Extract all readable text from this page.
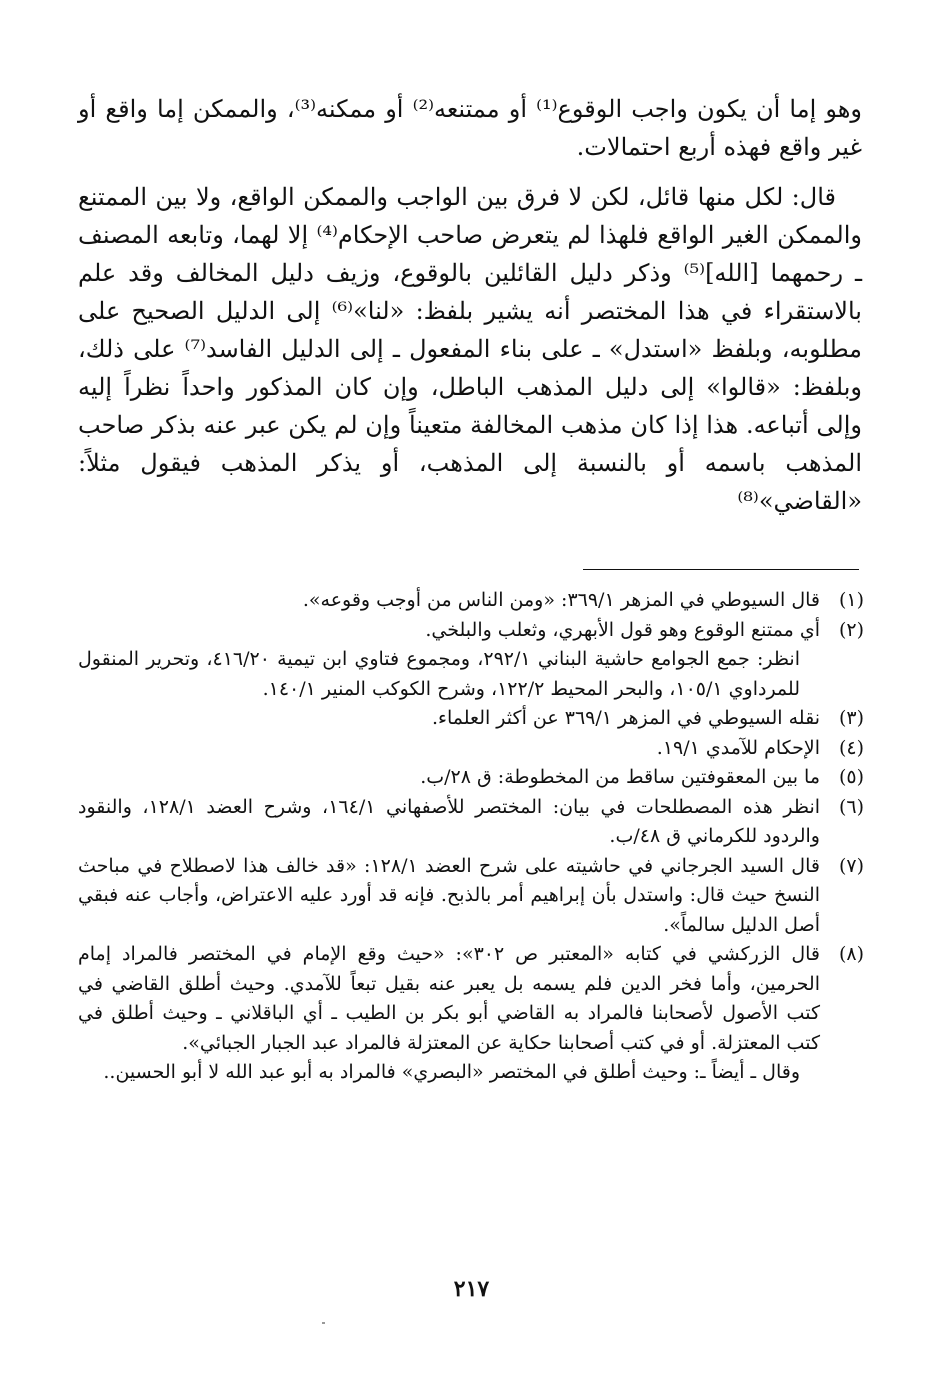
وهو إما أن يكون واجب الوقوع⁽¹⁾ أو ممتنعه⁽²⁾ أو ممكنه⁽³⁾، والممكن إما واقع أو غير واقع فهذه أربع احتمالات.

قال: لكل منها قائل، لكن لا فرق بين الواجب والممكن الواقع، ولا بين الممتنع والممكن الغير الواقع فلهذا لم يتعرض صاحب الإحكام⁽⁴⁾ إلا لهما، وتابعه المصنف ـ رحمهما [الله]⁽⁵⁾ وذكر دليل القائلين بالوقوع، وزيف دليل المخالف وقد علم بالاستقراء في هذا المختصر أنه يشير بلفظ: «لنا»⁽⁶⁾ إلى الدليل الصحيح على مطلوبه، وبلفظ «استدل» ـ على بناء المفعول ـ إلى الدليل الفاسد⁽⁷⁾ على ذلك، وبلفظ: «قالوا» إلى دليل المذهب الباطل، وإن كان المذكور واحداً نظراً إليه وإلى أتباعه. هذا إذا كان مذهب المخالفة متعيناً وإن لم يكن عبر عنه بذكر صاحب المذهب باسمه أو بالنسبة إلى المذهب، أو يذكر المذهب فيقول مثلاً: «القاضي»⁽⁸⁾

(١)
قال السيوطي في المزهر ٣٦٩/١: «ومن الناس من أوجب وقوعه».
(٢)
أي ممتنع الوقوع وهو قول الأبهري، وثعلب والبلخي.
انظر: جمع الجوامع حاشية البناني ٢٩٢/١، ومجموع فتاوي ابن تيمية ٤١٦/٢٠، وتحرير المنقول للمرداوي ١٠٥/١، والبحر المحيط ١٢٢/٢، وشرح الكوكب المنير ١٤٠/١.
(٣)
نقله السيوطي في المزهر ٣٦٩/١ عن أكثر العلماء.
(٤)
الإحكام للآمدي ١٩/١.
(٥)
ما بين المعقوفتين ساقط من المخطوطة: ق ٢٨/ب.
(٦)
انظر هذه المصطلحات في بيان: المختصر للأصفهاني ١٦٤/١، وشرح العضد ١٢٨/١، والنقود والردود للكرماني ق ٤٨/ب.
(٧)
قال السيد الجرجاني في حاشيته على شرح العضد ١٢٨/١: «قد خالف هذا لاصطلاح في مباحث النسخ حيث قال: واستدل بأن إبراهيم أمر بالذبح. فإنه قد أورد عليه الاعتراض، وأجاب عنه فبقي أصل الدليل سالماً».
(٨)
قال الزركشي في كتابه «المعتبر ص ٣٠٢»: «حيث وقع الإمام في المختصر فالمراد إمام الحرمين، وأما فخر الدين فلم يسمه بل يعبر عنه بقيل تبعاً للآمدي. وحيث أطلق القاضي في كتب الأصول لأصحابنا فالمراد به القاضي أبو بكر بن الطيب ـ أي الباقلاني ـ وحيث أطلق في كتب المعتزلة. أو في كتب أصحابنا حكاية عن المعتزلة فالمراد عبد الجبار الجبائي».
وقال ـ أيضاً ـ: وحيث أطلق في المختصر «البصري» فالمراد به أبو عبد الله لا أبو الحسين..
٢١٧
